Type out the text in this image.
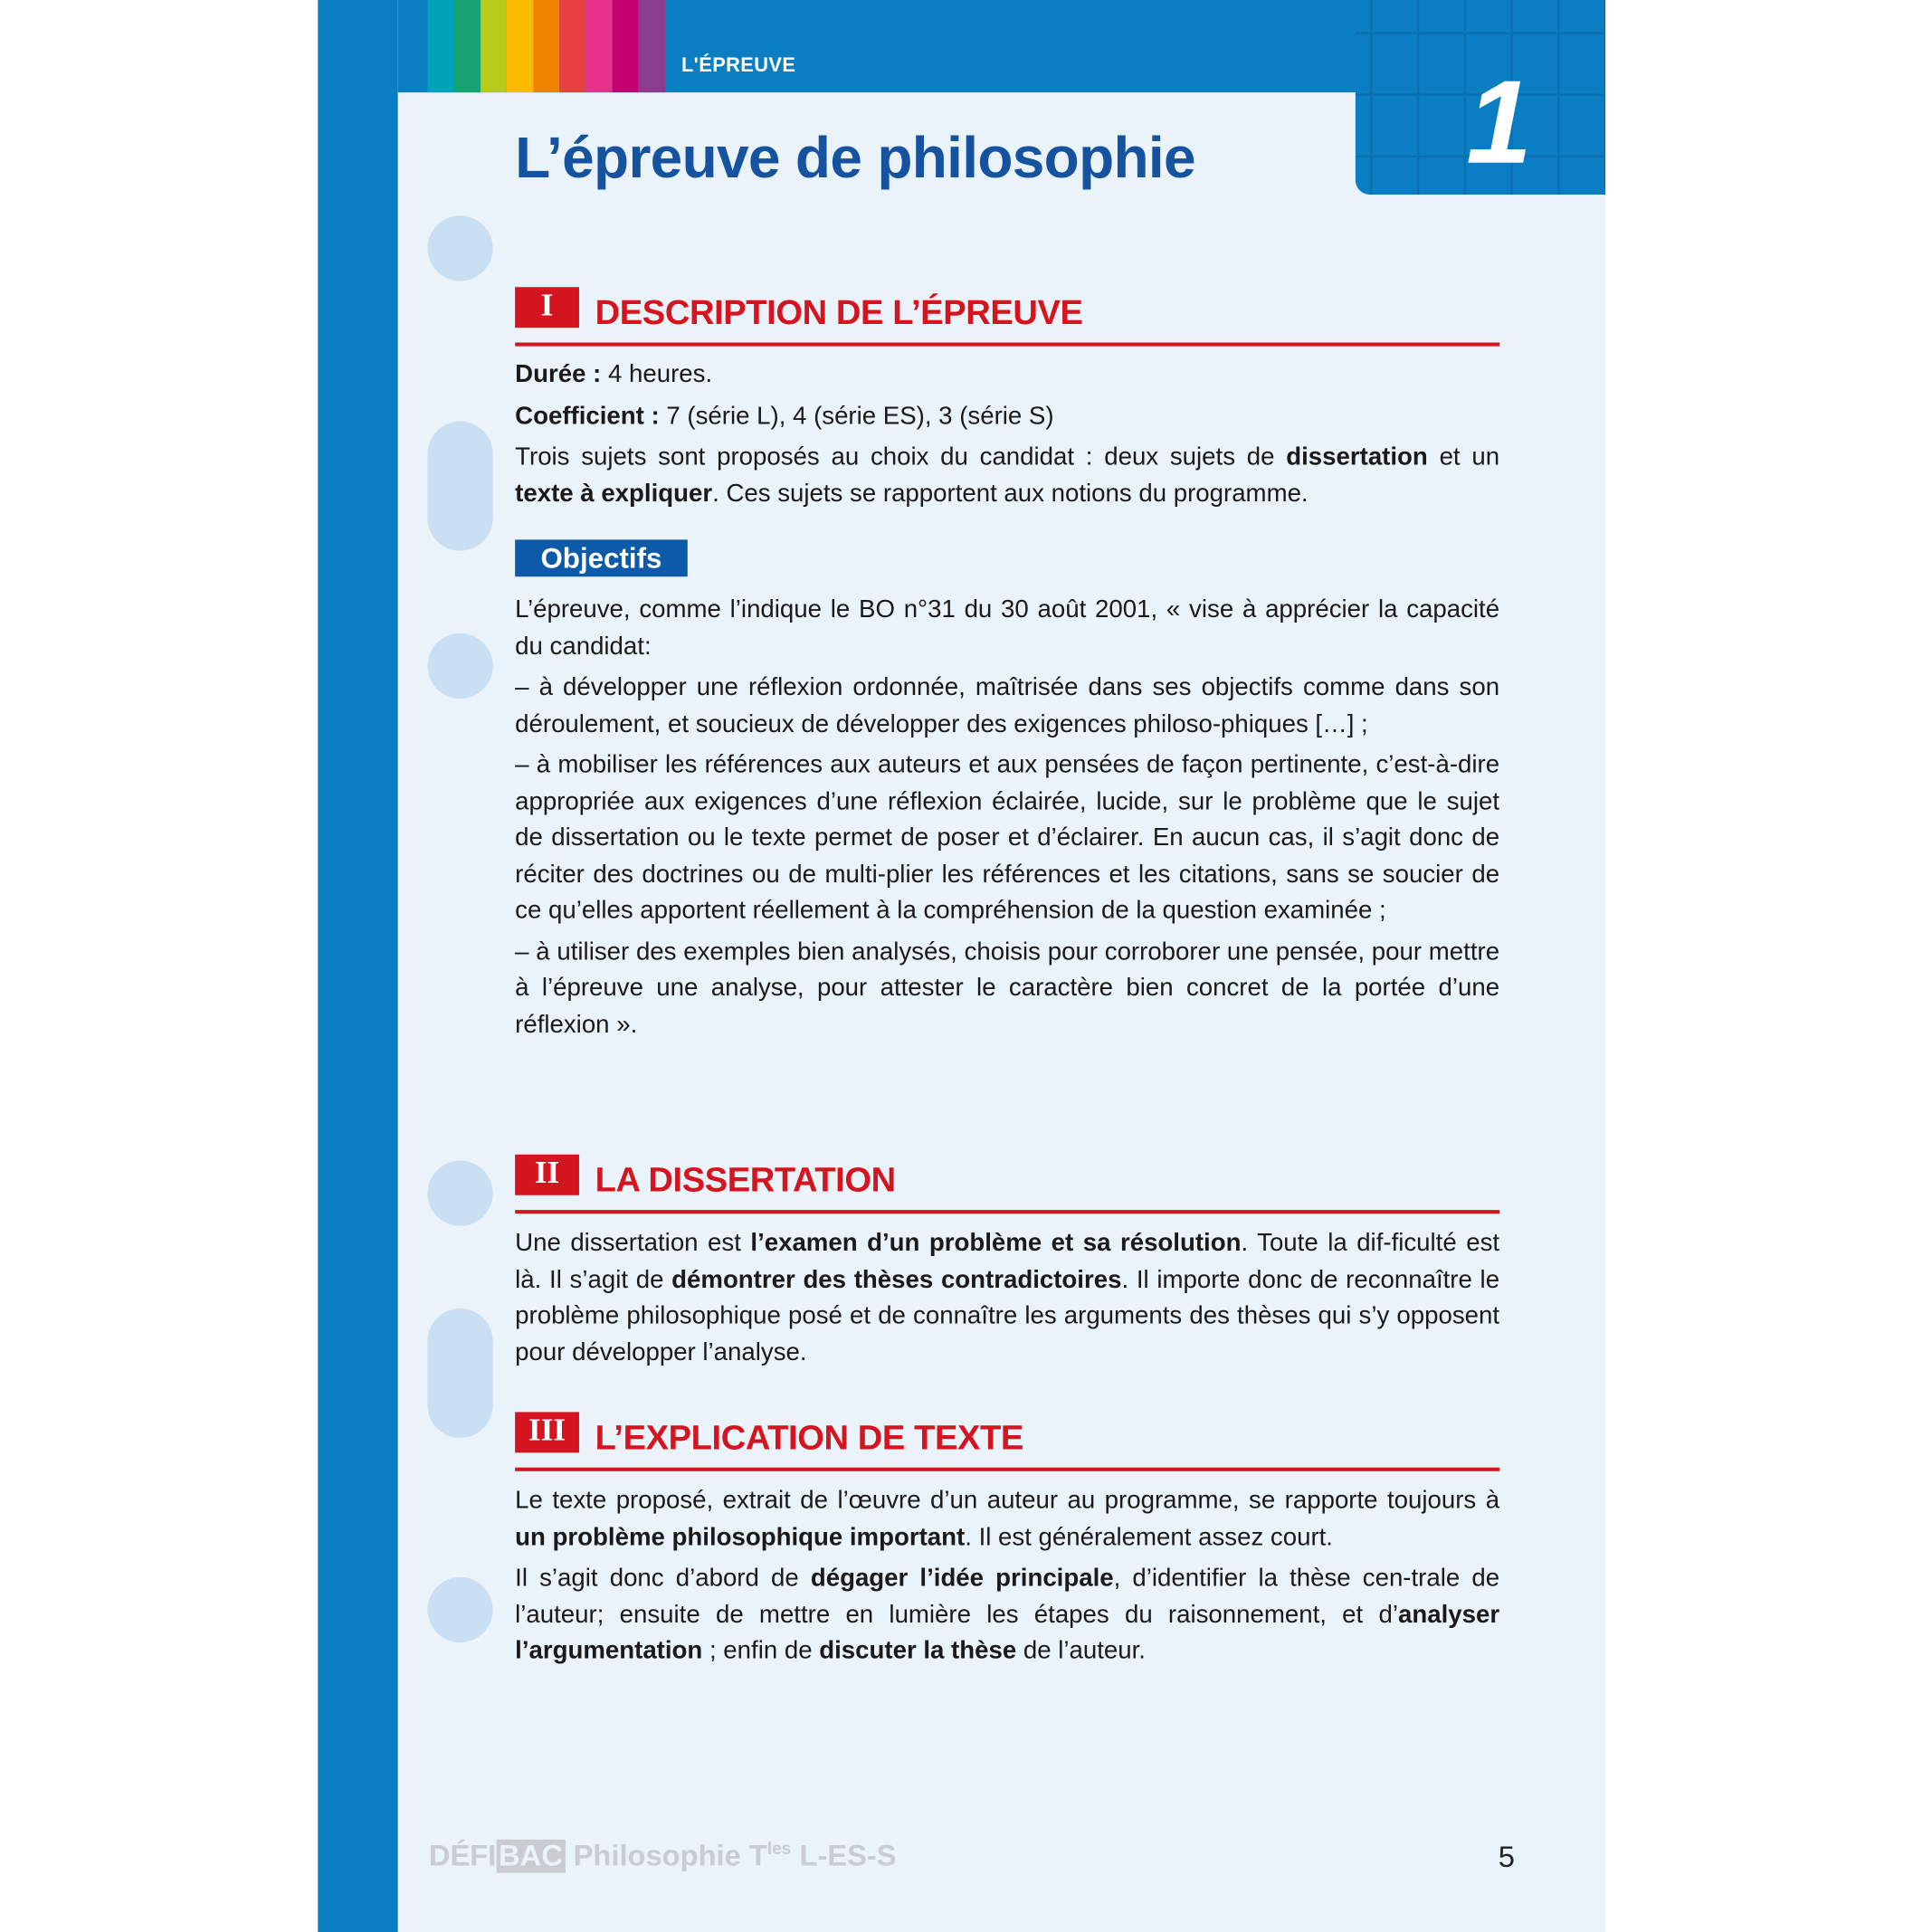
L'ÉPREUVE
L’épreuve de philosophie	1
I	DESCRIPTION DE L’ÉPREUVE

Durée : 4 heures.

Coefficient : 7 (série L), 4 (série ES), 3 (série S)

Trois sujets sont proposés au choix du candidat : deux sujets de dissertation et un texte à expliquer. Ces sujets se rapportent aux notions du programme.

Objectifs

L’épreuve, comme l’indique le BO n°31 du 30 août 2001, « vise à apprécier la capacité du candidat:

– à développer une réflexion ordonnée, maîtrisée dans ses objectifs comme dans son déroulement, et soucieux de développer des exigences philoso-phiques […] ;

– à mobiliser les références aux auteurs et aux pensées de façon pertinente, c’est-à-dire appropriée aux exigences d’une réflexion éclairée, lucide, sur le problème que le sujet de dissertation ou le texte permet de poser et d’éclairer. En aucun cas, il s’agit donc de réciter des doctrines ou de multi-plier les références et les citations, sans se soucier de ce qu’elles apportent réellement à la compréhension de la question examinée ;

– à utiliser des exemples bien analysés, choisis pour corroborer une pensée, pour mettre à l’épreuve une analyse, pour attester le caractère bien concret de la portée d’une réflexion ».

II	LA DISSERTATION

Une dissertation est l’examen d’un problème et sa résolution. Toute la dif-ficulté est là. Il s’agit de démontrer des thèses contradictoires. Il importe donc de reconnaître le problème philosophique posé et de connaître les arguments des thèses qui s’y opposent pour développer l’analyse.

III	L’EXPLICATION DE TEXTE

Le texte proposé, extrait de l’œuvre d’un auteur au programme, se rapporte toujours à un problème philosophique important. Il est généralement assez court.

Il s’agit donc d’abord de dégager l’idée principale, d’identifier la thèse cen-trale de l’auteur; ensuite de mettre en lumière les étapes du raisonnement, et d’analyser l’argumentation ; enfin de discuter la thèse de l’auteur.

DÉFI BAC Philosophie $T^{les}$ L-ES-S	5
